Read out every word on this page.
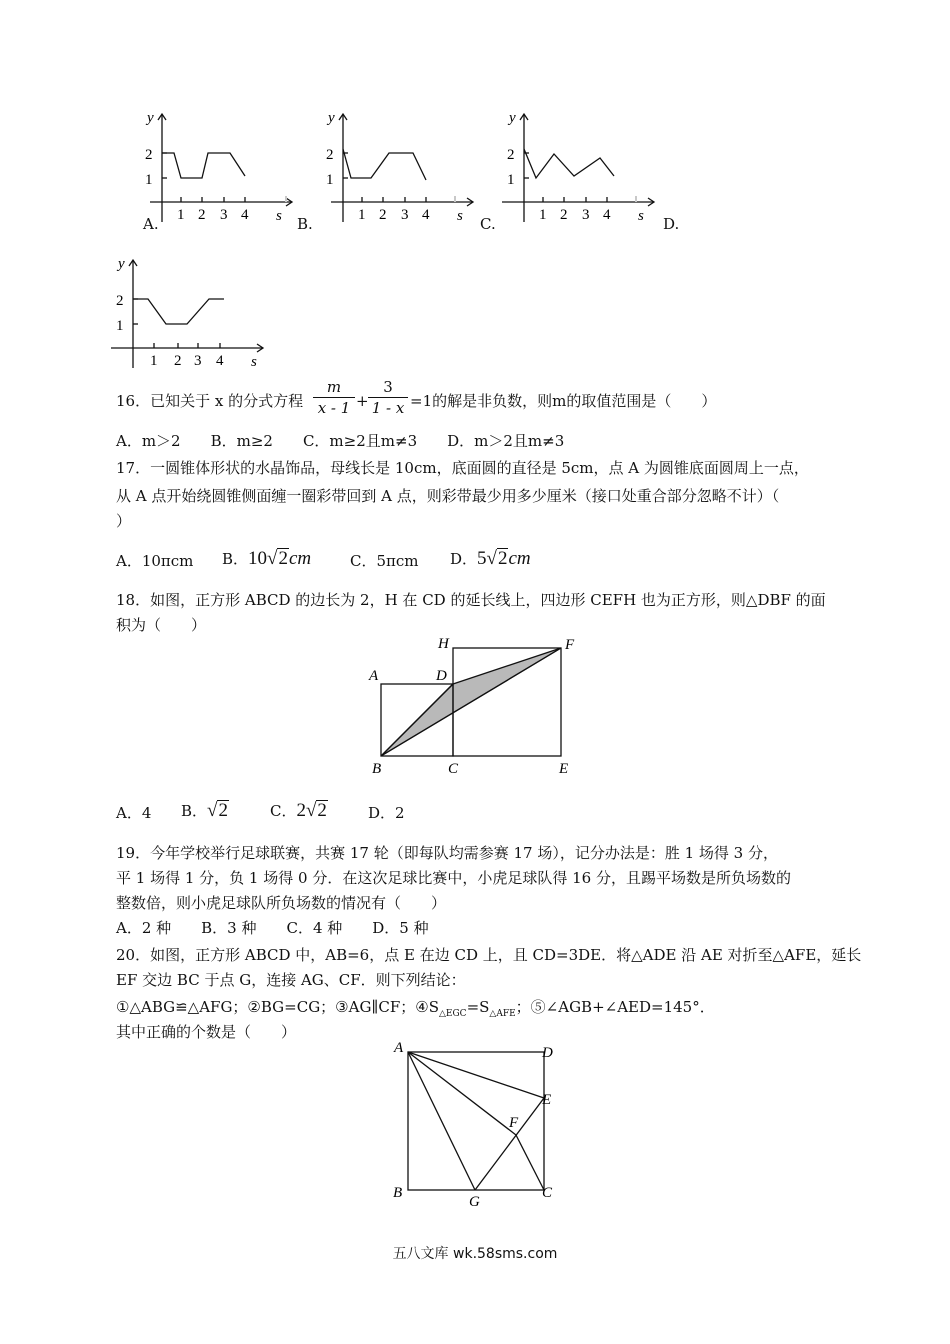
y
2
1
1 2 3 4 s
A.
y
2
1
1 2 3 4 s
B.
y
2
1
1 2 3 4 s
C.	D.
y
2
1
1 2 3 4 s
16．已知关于 x 的分式方程
m
x - 1 +
3
1 - x =1的解是非负数，则m的取值范围是（　　）
A．m＞2　　B．m≥2　　C．m≥2且m≠3　　D．m＞2且m≠3
17．一圆锥体形状的水晶饰品，母线长是 10cm，底面圆的直径是 5cm，点 A 为圆锥底面圆周上一点，
从 A 点开始绕圆锥侧面缠一圈彩带回到 A 点，则彩带最少用多少厘米（接口处重合部分忽略不计）（
）
A．10πcm B．10√2cm	C．5πcm D．5√2cm
18．如图，正方形 ABCD 的边长为 2，H 在 CD 的延长线上，四边形 CEFH 也为正方形，则△DBF 的面
积为（　　）
A
B	C
D
E
F
H
A．4 B．√2	C．2√2	D．2
19．今年学校举行足球联赛，共赛 17 轮（即每队均需参赛 17 场），记分办法是：胜 1 场得 3 分，
平 1 场得 1 分，负 1 场得 0 分．在这次足球比赛中，小虎足球队得 16 分，且踢平场数是所负场数的
整数倍，则小虎足球队所负场数的情况有（　　）
A．2 种　　B．3 种　　C．4 种　　D．5 种
20．如图，正方形 ABCD 中，AB=6，点 E 在边 CD 上，且 CD=3DE．将△ADE 沿 AE 对折至△AFE，延长
EF 交边 BC 于点 G，连接 AG、CF．则下列结论：
①△ABG≌△AFG；②BG=CG；③AG∥CF；$④S_{\triangle EGC}=S_{\triangle AFE}$；⑤∠AGB+∠AED=145°．
其中正确的个数是（　　）
A
B	C
D
E
F
G
五八文库 wk.58sms.com
